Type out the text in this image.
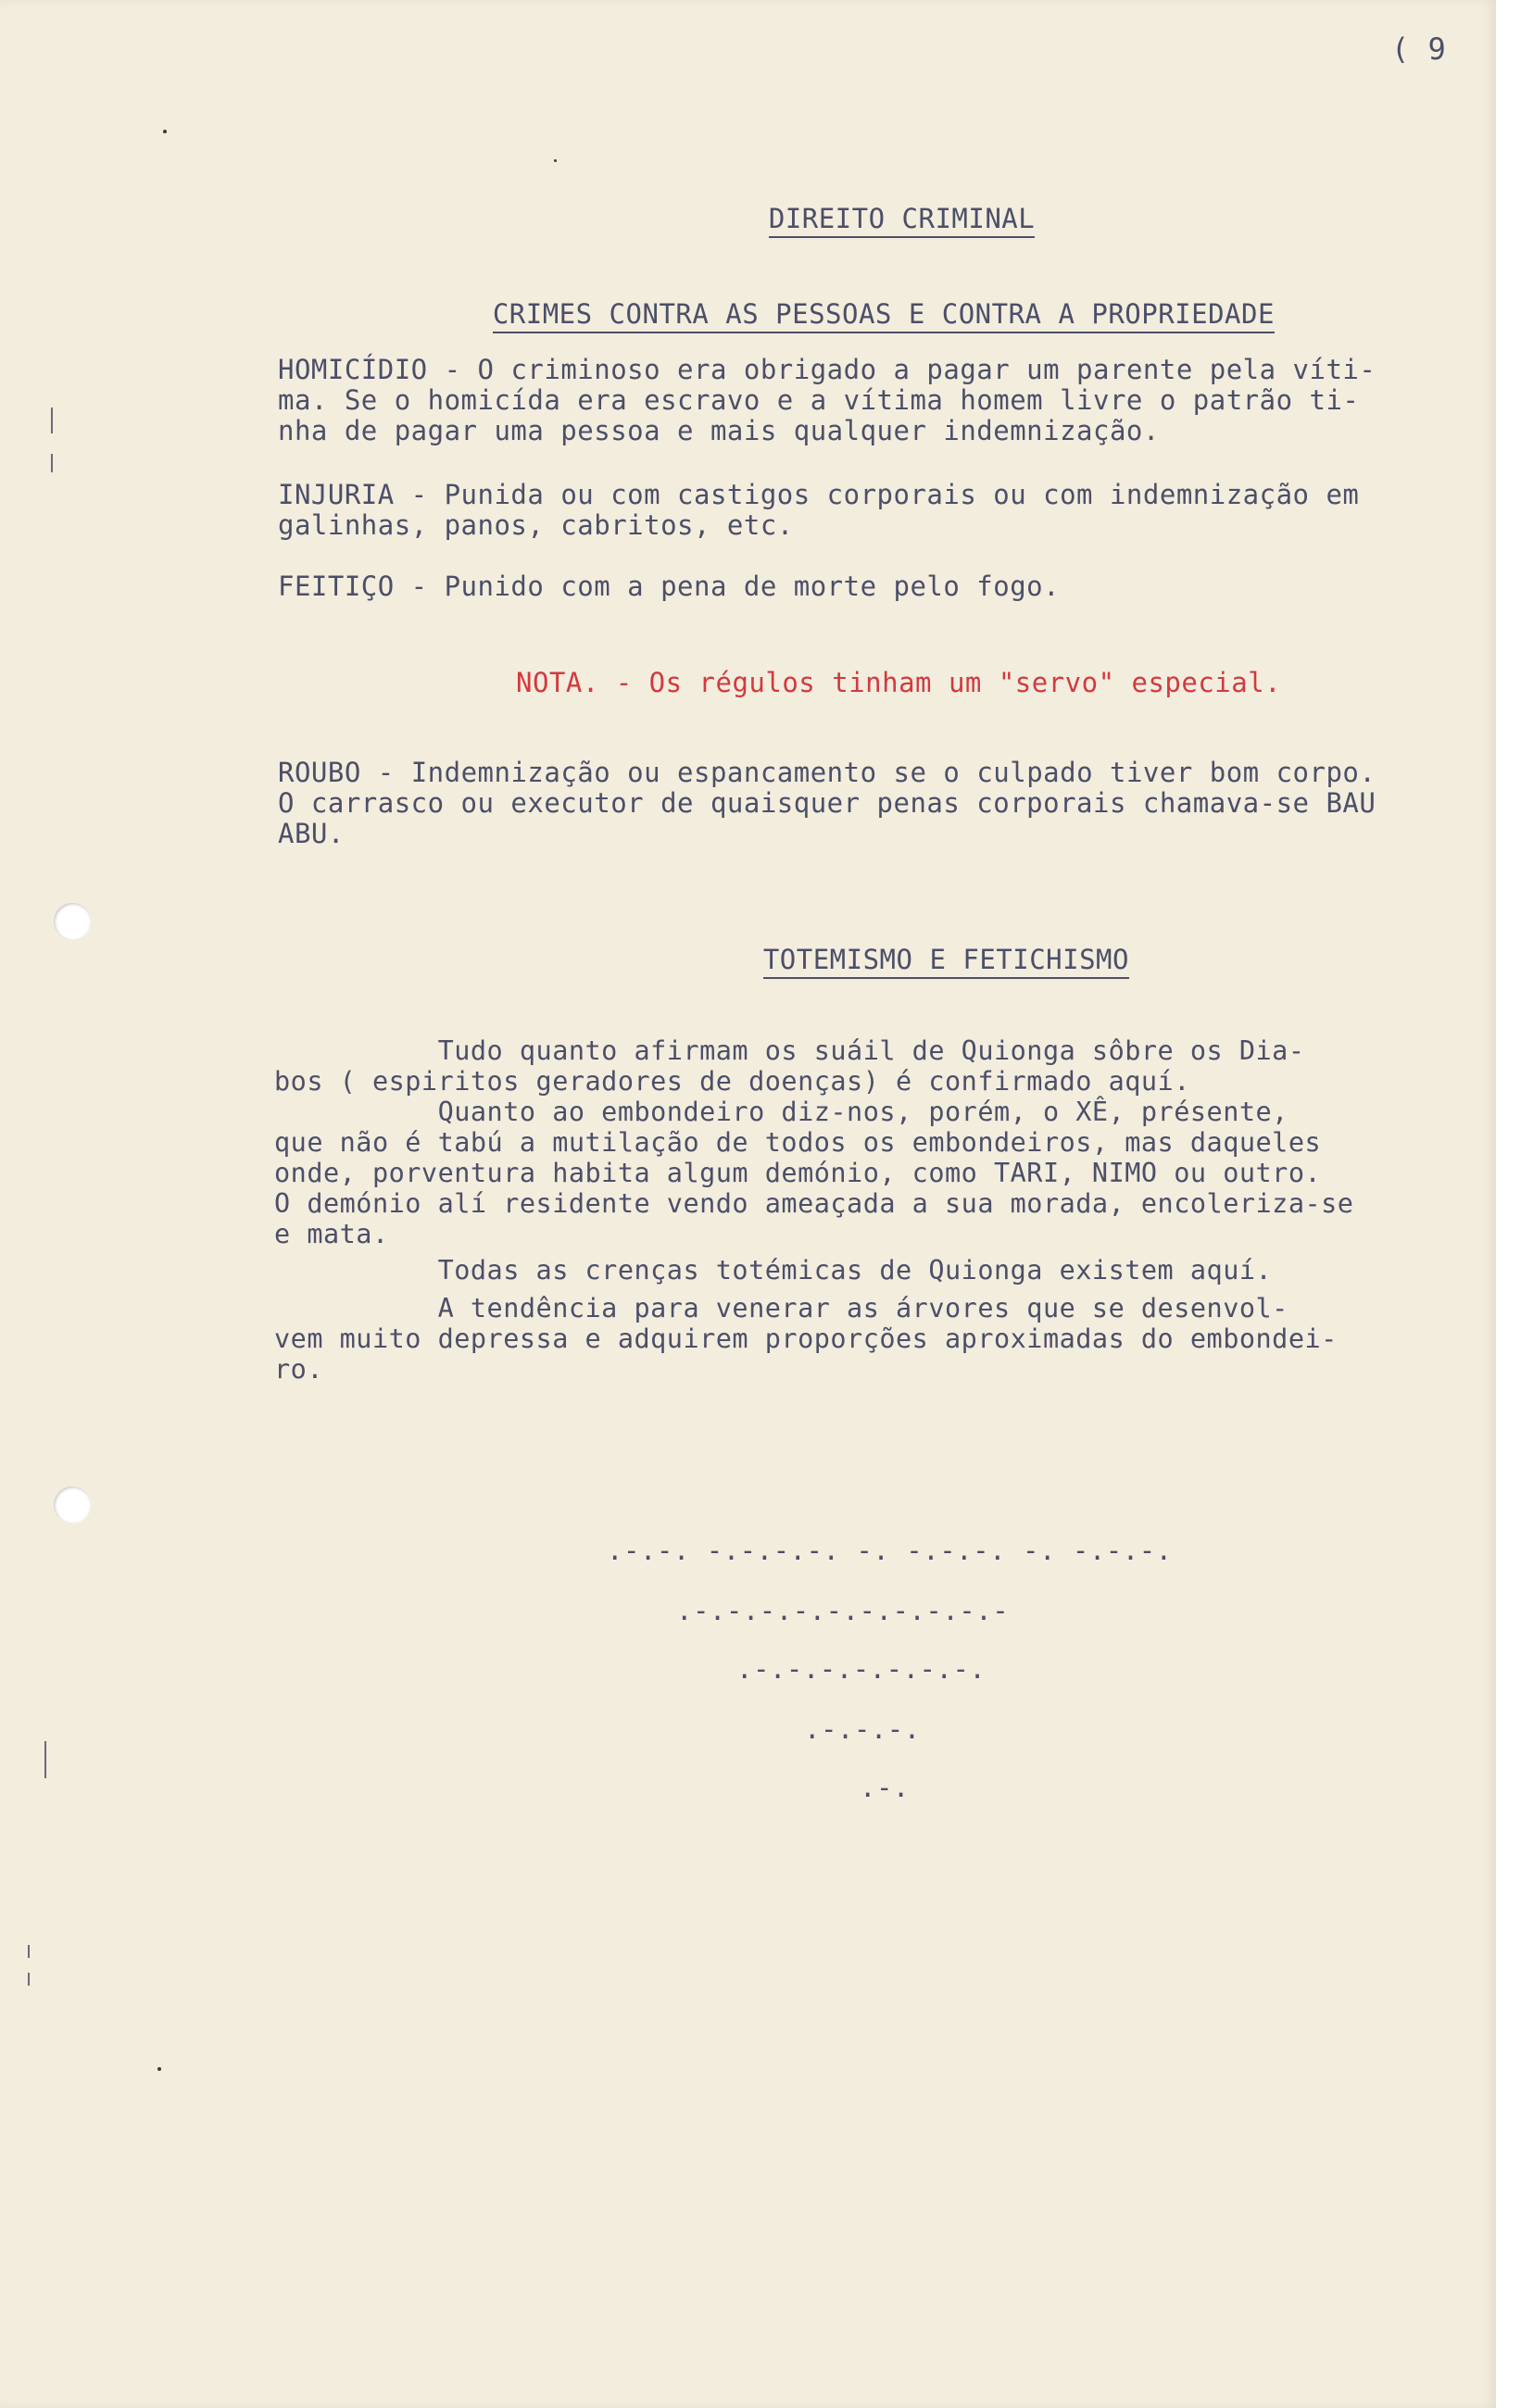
( 9

DIREITO CRIMINAL

CRIMES CONTRA AS PESSOAS E CONTRA A PROPRIEDADE

HOMICÍDIO - O criminoso era obrigado a pagar um parente pela víti-
ma. Se o homicída era escravo e a vítima homem livre o patrão ti-
nha de pagar uma pessoa e mais qualquer indemnização.
INJURIA - Punida ou com castigos corporais ou com indemnização em
galinhas, panos, cabritos, etc.
FEITIÇO - Punido com a pena de morte pelo fogo.
NOTA. - Os régulos tinham um "servo" especial.
ROUBO - Indemnização ou espancamento se o culpado tiver bom corpo.
O carrasco ou executor de quaisquer penas corporais chamava-se BAU
ABU.

TOTEMISMO E FETICHISMO

Tudo quanto afirmam os suáil de Quionga sôbre os Dia-
bos ( espiritos geradores de doenças) é confirmado aquí.
Quanto ao embondeiro diz-nos, porém, o XÊ, présente,
que não é tabú a mutilação de todos os embondeiros, mas daqueles
onde, porventura habita algum demónio, como TARI, NIMO ou outro.
O demónio alí residente vendo ameaçada a sua morada, encoleriza-se
e mata.
Todas as crenças totémicas de Quionga existem aquí.
A tendência para venerar as árvores que se desenvol-
vem muito depressa e adquirem proporções aproximadas do embondei-
ro.
.-.-. -.-.-.-. -. -.-.-. -. -.-.-.
.-.-.-.-.-.-.-.-.-.-
.-.-.-.-.-.-.-.
.-.-.-.
.-.
